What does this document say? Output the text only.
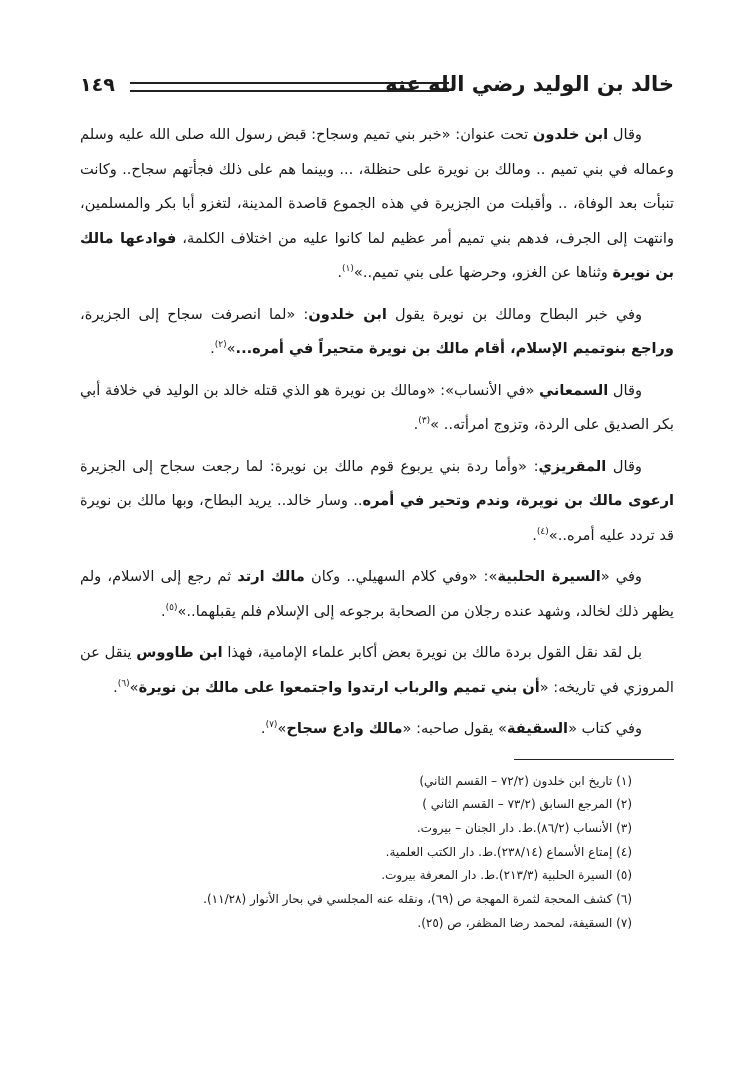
خالد بن الوليد رضي الله عنه
١٤٩

وقال ابن خلدون تحت عنوان: «خبر بني تميم وسجاح: قبض رسول الله صلى الله عليه وسلم وعماله في بني تميم .. ومالك بن نويرة على حنظلة، ... وبينما هم على ذلك فجأتهم سجاح.. وكانت تنبأت بعد الوفاة، .. وأقبلت من الجزيرة في هذه الجموع قاصدة المدينة، لتغزو أبا بكر والمسلمين، وانتهت إلى الجرف، فدهم بني تميم أمر عظيم لما كانوا عليه من اختلاف الكلمة، فوادعها مالك بن نويرة وثناها عن الغزو، وحرضها على بني تميم..»$^{(١)}$.

وفي خبر البطاح ومالك بن نويرة يقول ابن خلدون: «لما انصرفت سجاح إلى الجزيرة، وراجع بنوتميم الإسلام، أقام مالك بن نويرة متحيراً في أمره...»$^{(٢)}$.

وقال السمعاني «في الأنساب»: «ومالك بن نويرة هو الذي قتله خالد بن الوليد في خلافة أبي بكر الصديق على الردة، وتزوج امرأته.. »$^{(٣)}$.

وقال المقريزي: «وأما ردة بني يربوع قوم مالك بن نويرة: لما رجعت سجاح إلى الجزيرة ارعوى مالك بن نويرة، وندم وتحير في أمره.. وسار خالد.. يريد البطاح، وبها مالك بن نويرة قد تردد عليه أمره..»$^{(٤)}$.

وفي «السيرة الحلبية»: «وفي كلام السهيلي.. وكان مالك ارتد ثم رجع إلى الاسلام، ولم يظهر ذلك لخالد، وشهد عنده رجلان من الصحابة برجوعه إلى الإسلام فلم يقبلهما..»$^{(٥)}$.

بل لقد نقل القول بردة مالك بن نويرة بعض أكابر علماء الإمامية، فهذا ابن طاووس ينقل عن المروزي في تاريخه: «أن بني تميم والرباب ارتدوا واجتمعوا على مالك بن نويرة»$^{(٦)}$.

وفي كتاب «السقيفة» يقول صاحبه: «مالك وادع سجاح»$^{(٧)}$.

(١) تاريخ ابن خلدون (٧٢/٢ – القسم الثاني)
(٢) المرجع السابق (٧٣/٢ – القسم الثاني )
(٣) الأنساب (٨٦/٢).ط. دار الجنان – بيروت.
(٤) إمتاع الأسماع (٢٣٨/١٤).ط. دار الكتب العلمية.
(٥) السيرة الحلبية (٢١٣/٣).ط. دار المعرفة بيروت.
(٦) كشف المحجة لثمرة المهجة ص (٦٩)، ونقله عنه المجلسي في بحار الأنوار (١١/٢٨).
(٧) السقيفة، لمحمد رضا المظفر، ص (٢٥).
